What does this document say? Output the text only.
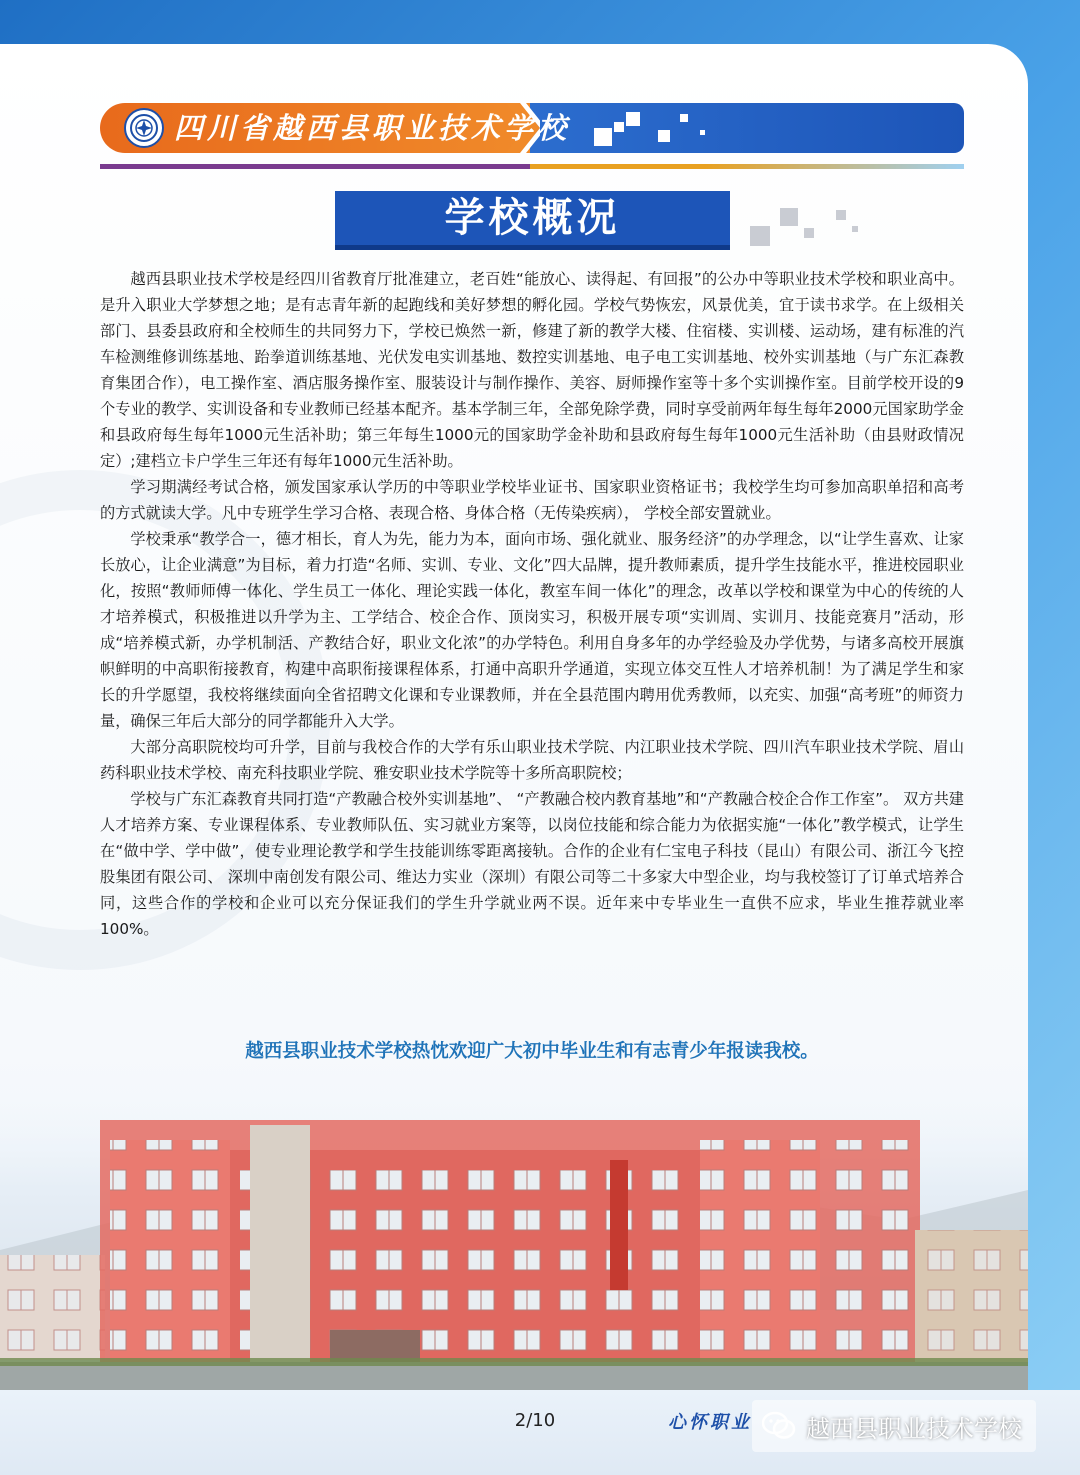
四川省越西县职业技术学校
学校概况

越西县职业技术学校是经四川省教育厅批准建立，老百姓“能放心、读得起、有回报”的公办中等职业技术学校和职业高中。是升入职业大学梦想之地；是有志青年新的起跑线和美好梦想的孵化园。学校气势恢宏，风景优美，宜于读书求学。在上级相关部门、县委县政府和全校师生的共同努力下，学校已焕然一新，修建了新的教学大楼、住宿楼、实训楼、运动场，建有标准的汽车检测维修训练基地、跆拳道训练基地、光伏发电实训基地、数控实训基地、电子电工实训基地、校外实训基地（与广东汇森教育集团合作），电工操作室、酒店服务操作室、服装设计与制作操作、美容、厨师操作室等十多个实训操作室。目前学校开设的9个专业的教学、实训设备和专业教师已经基本配齐。基本学制三年，全部免除学费，同时享受前两年每生每年2000元国家助学金和县政府每生每年1000元生活补助；第三年每生1000元的国家助学金补助和县政府每生每年1000元生活补助（由县财政情况定）;建档立卡户学生三年还有每年1000元生活补助。

学习期满经考试合格，颁发国家承认学历的中等职业学校毕业证书、国家职业资格证书；我校学生均可参加高职单招和高考的方式就读大学。凡中专班学生学习合格、表现合格、身体合格（无传染疾病）， 学校全部安置就业。

学校秉承“教学合一，德才相长，育人为先，能力为本，面向市场、强化就业、服务经济”的办学理念，以“让学生喜欢、让家长放心，让企业满意”为目标，着力打造“名师、实训、专业、文化”四大品牌，提升教师素质，提升学生技能水平，推进校园职业化，按照“教师师傅一体化、学生员工一体化、理论实践一体化，教室车间一体化”的理念，改革以学校和课堂为中心的传统的人才培养模式，积极推进以升学为主、工学结合、校企合作、顶岗实习，积极开展专项“实训周、实训月、技能竞赛月”活动，形成“培养模式新，办学机制活、产教结合好，职业文化浓”的办学特色。利用自身多年的办学经验及办学优势，与诸多高校开展旗帜鲜明的中高职衔接教育，构建中高职衔接课程体系，打通中高职升学通道，实现立体交互性人才培养机制！为了满足学生和家长的升学愿望，我校将继续面向全省招聘文化课和专业课教师，并在全县范围内聘用优秀教师，以充实、加强“高考班”的师资力量，确保三年后大部分的同学都能升入大学。

大部分高职院校均可升学，目前与我校合作的大学有乐山职业技术学院、内江职业技术学院、四川汽车职业技术学院、眉山药科职业技术学校、南充科技职业学院、雅安职业技术学院等十多所高职院校；

学校与广东汇森教育共同打造“产教融合校外实训基地”、 “产教融合校内教育基地”和“产教融合校企合作工作室”。 双方共建人才培养方案、专业课程体系、专业教师队伍、实习就业方案等，以岗位技能和综合能力为依据实施“一体化”教学模式，让学生在“做中学、学中做”，使专业理论教学和学生技能训练零距离接轨。合作的企业有仁宝电子科技（昆山）有限公司、浙江今飞控股集团有限公司、 深圳中南创发有限公司、维达力实业（深圳）有限公司等二十多家大中型企业，均与我校签订了订单式培养合同，这些合作的学校和企业可以充分保证我们的学生升学就业两不误。近年来中专毕业生一直供不应求，毕业生推荐就业率100%。

越西县职业技术学校热忱欢迎广大初中毕业生和有志青少年报读我校。
2/10	心怀职业 越西县职业技术学校
